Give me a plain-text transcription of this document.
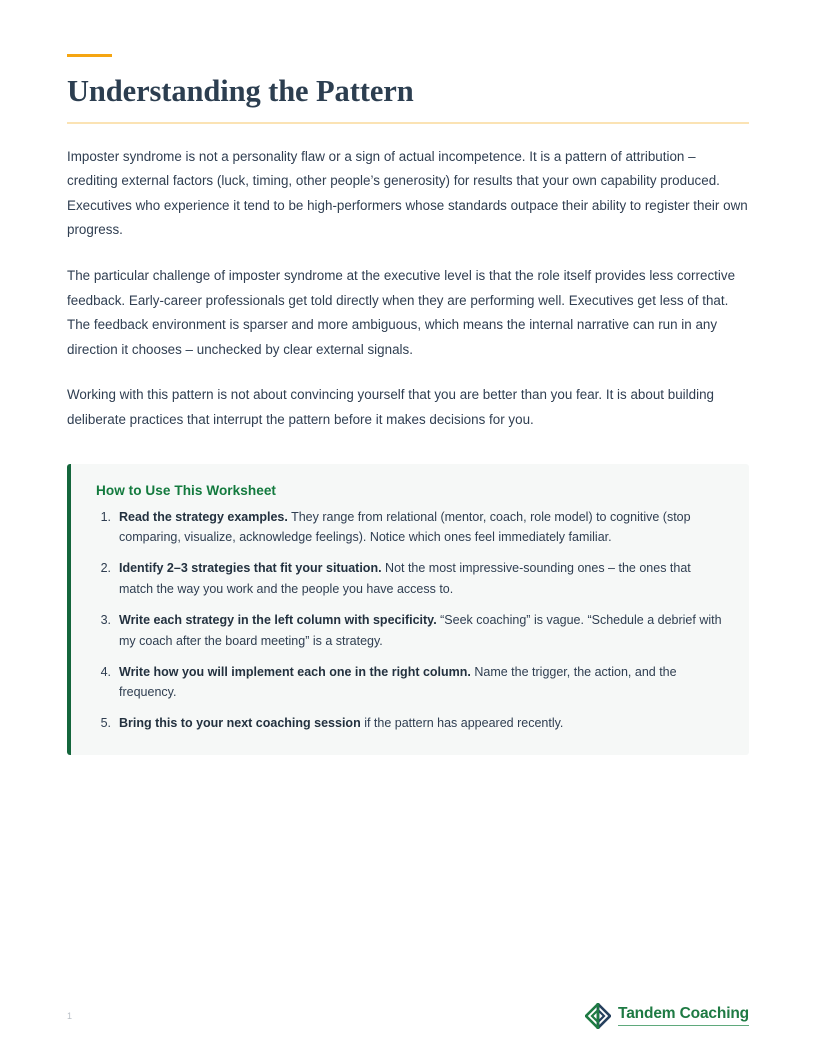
Understanding the Pattern

Imposter syndrome is not a personality flaw or a sign of actual incompetence. It is a pattern of attribution – crediting external factors (luck, timing, other people’s generosity) for results that your own capability produced. Executives who experience it tend to be high-performers whose standards outpace their ability to register their own progress.

The particular challenge of imposter syndrome at the executive level is that the role itself provides less corrective feedback. Early-career professionals get told directly when they are performing well. Executives get less of that. The feedback environment is sparser and more ambiguous, which means the internal narrative can run in any direction it chooses – unchecked by clear external signals.

Working with this pattern is not about convincing yourself that you are better than you fear. It is about building deliberate practices that interrupt the pattern before it makes decisions for you.

How to Use This Worksheet
1. Read the strategy examples. They range from relational (mentor, coach, role model) to cognitive (stop comparing, visualize, acknowledge feelings). Notice which ones feel immediately familiar.
2. Identify 2–3 strategies that fit your situation. Not the most impressive-sounding ones – the ones that match the way you work and the people you have access to.
3. Write each strategy in the left column with specificity. “Seek coaching” is vague. “Schedule a debrief with my coach after the board meeting” is a strategy.
4. Write how you will implement each one in the right column. Name the trigger, the action, and the frequency.
5. Bring this to your next coaching session if the pattern has appeared recently.
1	Tandem Coaching
